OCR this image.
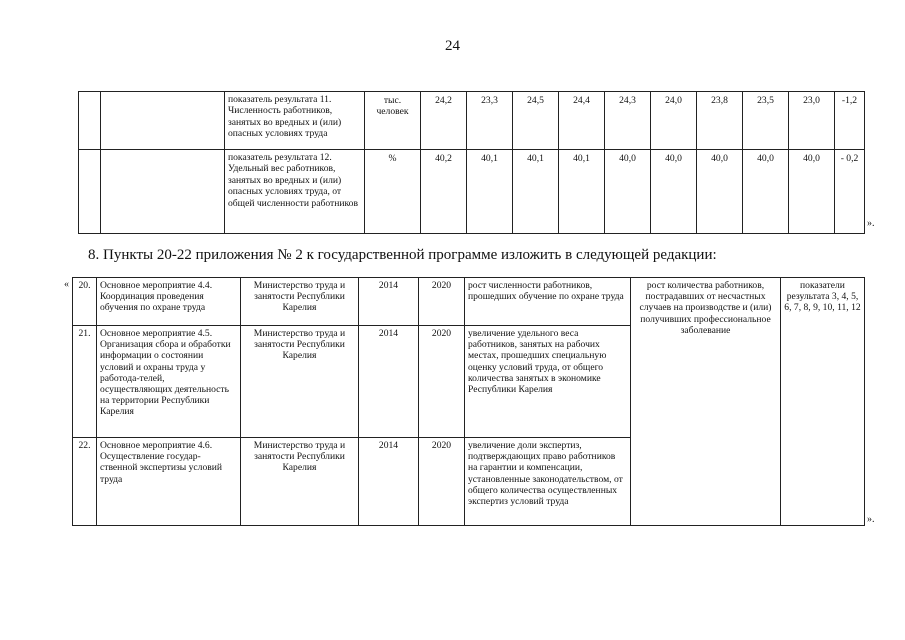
24
		показатель результата 11. Численность работников, занятых во вредных и (или) опасных условиях труда	тыс. человек	24,2	23,3	24,5	24,4	24,3	24,0	23,8	23,5	23,0	-1,2
		показатель результата 12. Удельный вес работников, занятых во вредных и (или) опасных условиях труда, от общей численности работников	%	40,2	40,1	40,1	40,1	40,0	40,0	40,0	40,0	40,0	- 0,2
».
8. Пункты 20-22 приложения № 2 к государственной программе изложить в следующей редакции:
« 20.	Основное мероприятие 4.4. Координация проведения обучения по охране труда	Министерство труда и занятости Республики Карелия	2014	2020	рост численности работников, прошедших обучение по охране труда	рост количества работников, пострадавших от несчастных случаев на производстве и (или) получивших профессиональное заболевание	показатели результата 3, 4, 5, 6, 7, 8, 9, 10, 11, 12
21.	Основное мероприятие 4.5. Организация сбора и обработки информации о состоянии условий и охраны труда у работода-телей, осуществляющих деятельность на территории Республики Карелия	Министерство труда и занятости Республики Карелия	2014	2020	увеличение удельного веса работников, занятых на рабочих местах, прошедших специальную оценку условий труда, от общего количества занятых в экономике Республики Карелия		
22.	Основное мероприятие 4.6. Осуществление государ-ственной экспертизы условий труда	Министерство труда и занятости Республики Карелия	2014	2020	увеличение доли экспертиз, подтверждающих право работников на гарантии и компенсации, установленные законодательством, от общего количества осуществленных экспертиз условий труда		
».
